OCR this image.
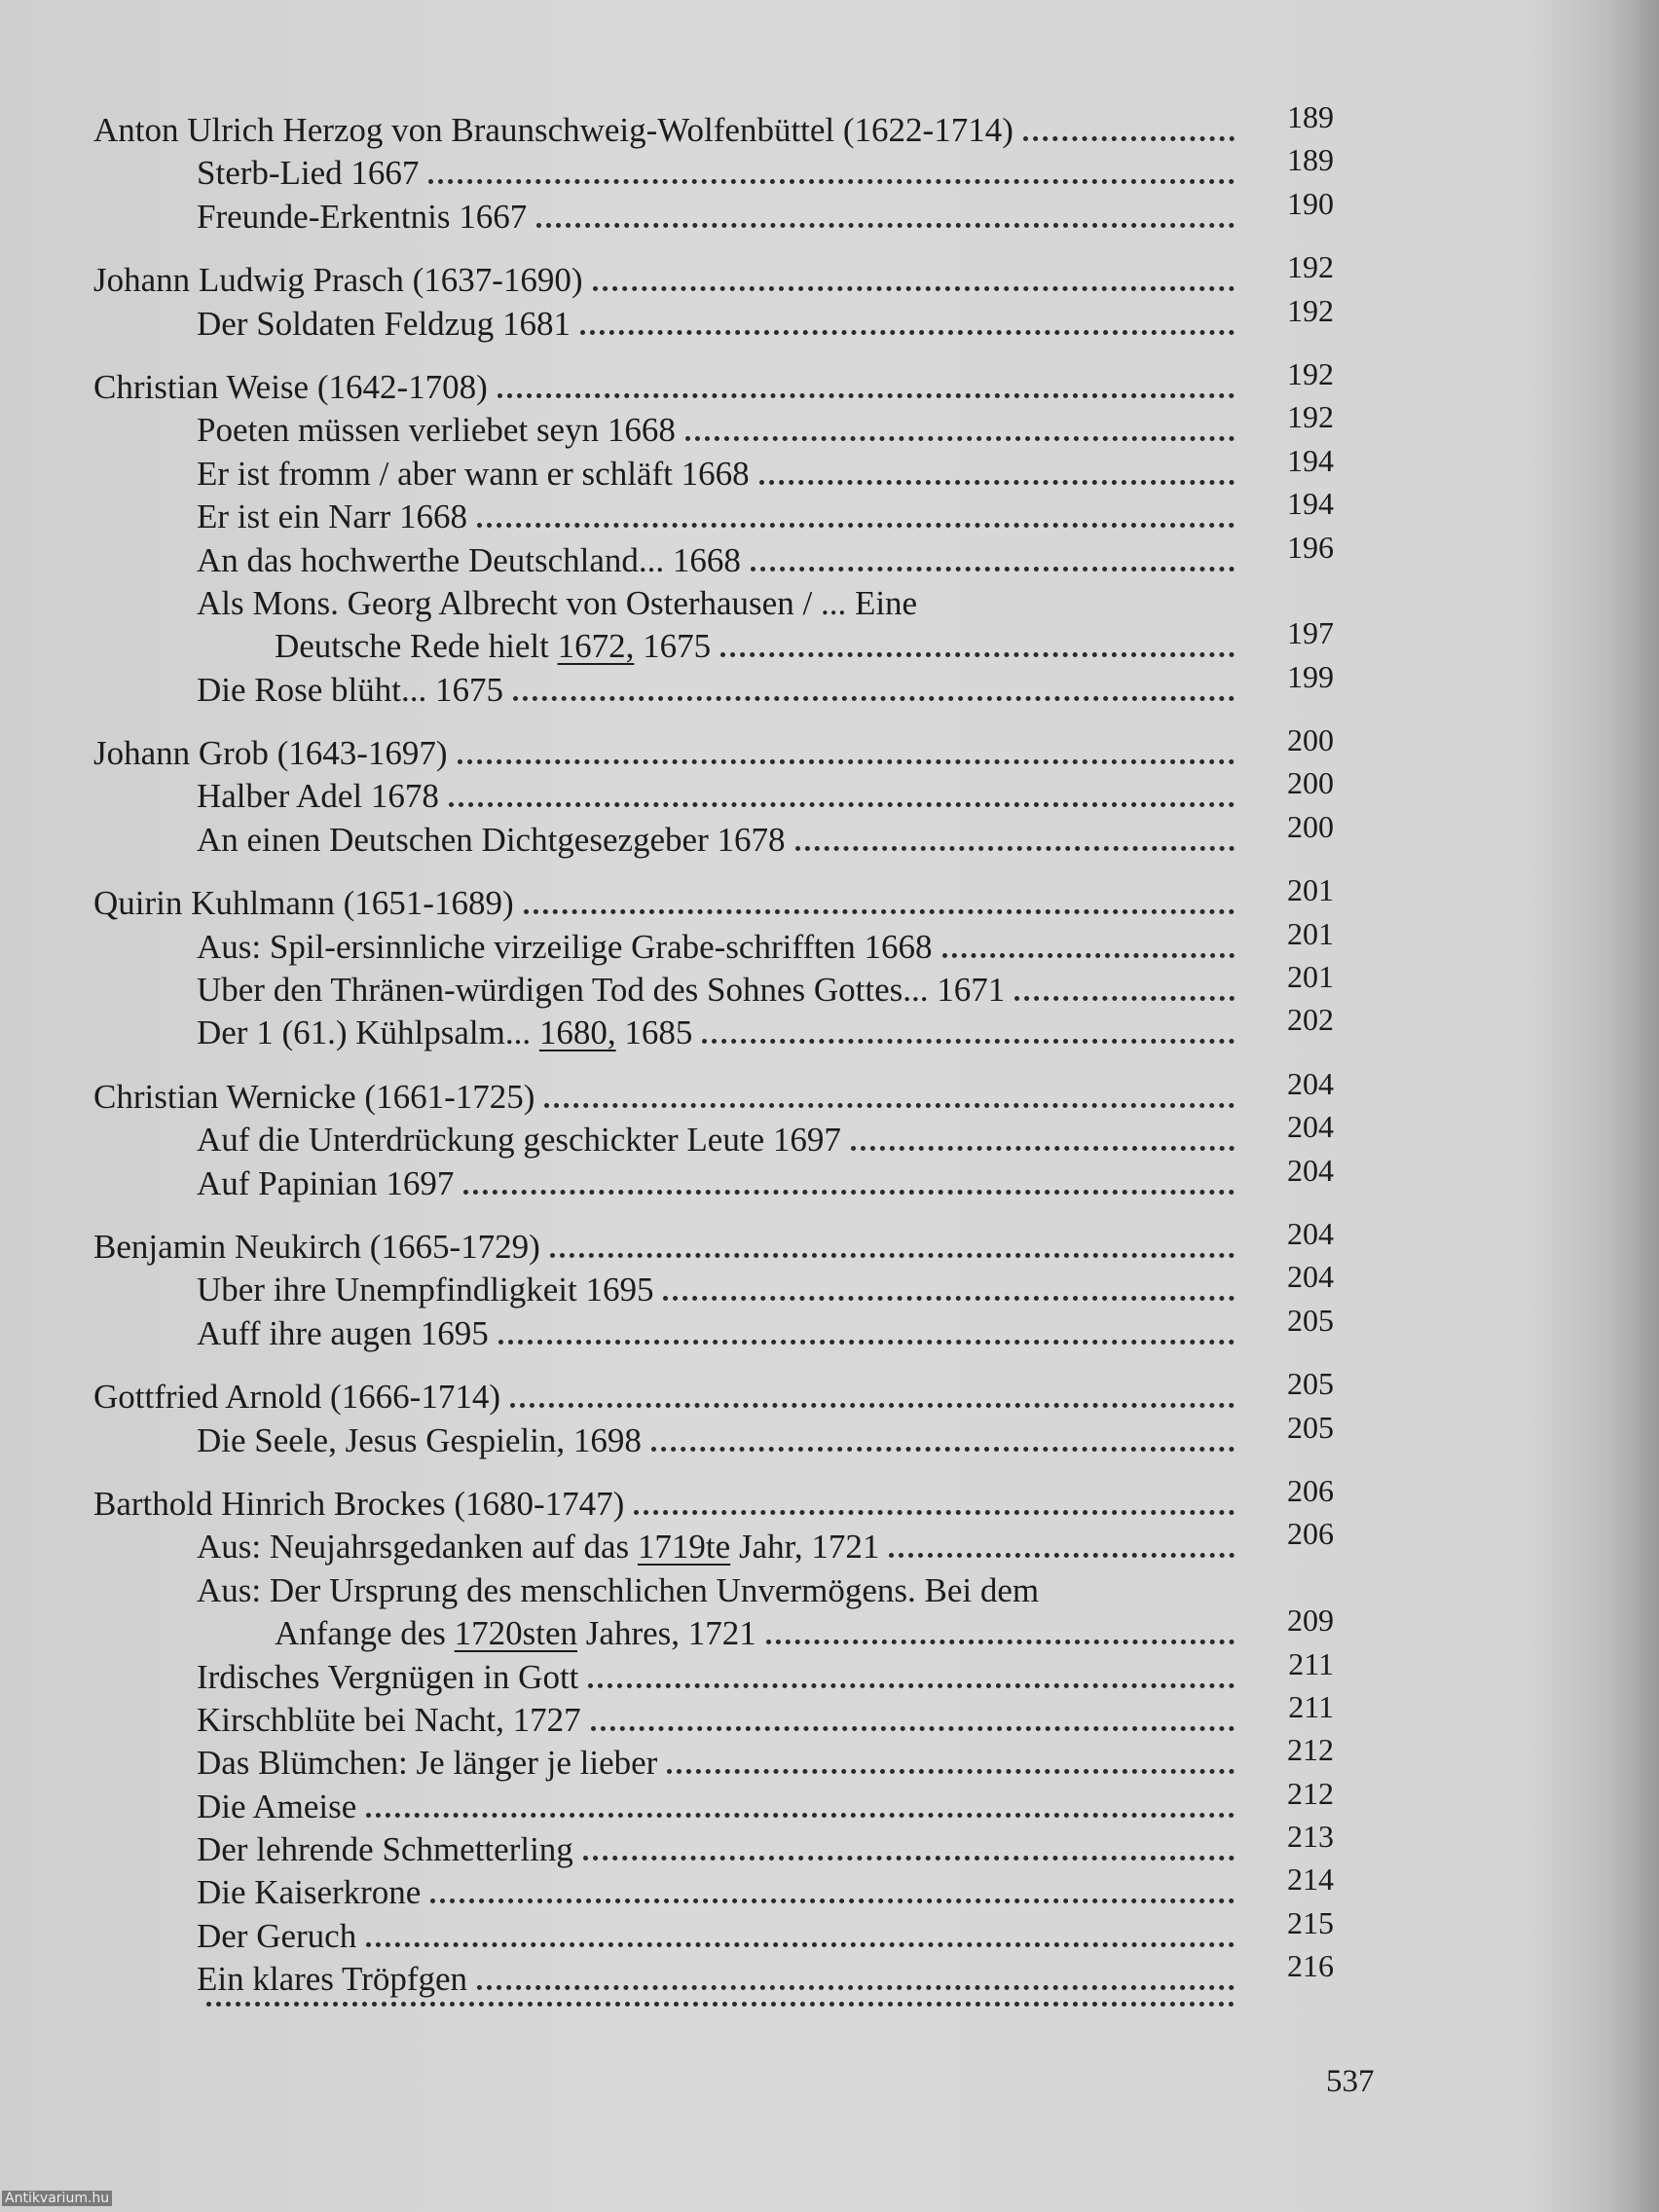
Anton Ulrich Herzog von Braunschweig-Wolfenbüttel (1622-1714)	189
Sterb-Lied 1667	189
Freunde-Erkentnis 1667	190
Johann Ludwig Prasch (1637-1690)	192
Der Soldaten Feldzug 1681	192
Christian Weise (1642-1708)	192
Poeten müssen verliebet seyn 1668	192
Er ist fromm / aber wann er schläft 1668	194
Er ist ein Narr 1668	194
An das hochwerthe Deutschland... 1668	196
Als Mons. Georg Albrecht von Osterhausen / ... Eine
Deutsche Rede hielt 1672, 1675	197
Die Rose blüht... 1675	199
Johann Grob (1643-1697)	200
Halber Adel 1678	200
An einen Deutschen Dichtgesezgeber 1678	200
Quirin Kuhlmann (1651-1689)	201
Aus: Spil-ersinnliche virzeilige Grabe-schrifften 1668	201
Uber den Thränen-würdigen Tod des Sohnes Gottes... 1671	201
Der 1 (61.) Kühlpsalm... 1680, 1685	202
Christian Wernicke (1661-1725)	204
Auf die Unterdrückung geschickter Leute 1697	204
Auf Papinian 1697	204
Benjamin Neukirch (1665-1729)	204
Uber ihre Unempfindligkeit 1695	204
Auff ihre augen 1695	205
Gottfried Arnold (1666-1714)	205
Die Seele, Jesus Gespielin, 1698	205
Barthold Hinrich Brockes (1680-1747)	206
Aus: Neujahrsgedanken auf das 1719te Jahr, 1721	206
Aus: Der Ursprung des menschlichen Unvermögens. Bei dem
Anfange des 1720sten Jahres, 1721	209
Irdisches Vergnügen in Gott	211
Kirschblüte bei Nacht, 1727	211
Das Blümchen: Je länger je lieber	212
Die Ameise	212
Der lehrende Schmetterling	213
Die Kaiserkrone	214
Der Geruch	215
Ein klares Tröpfgen	216
537
Antikvarium.hu
